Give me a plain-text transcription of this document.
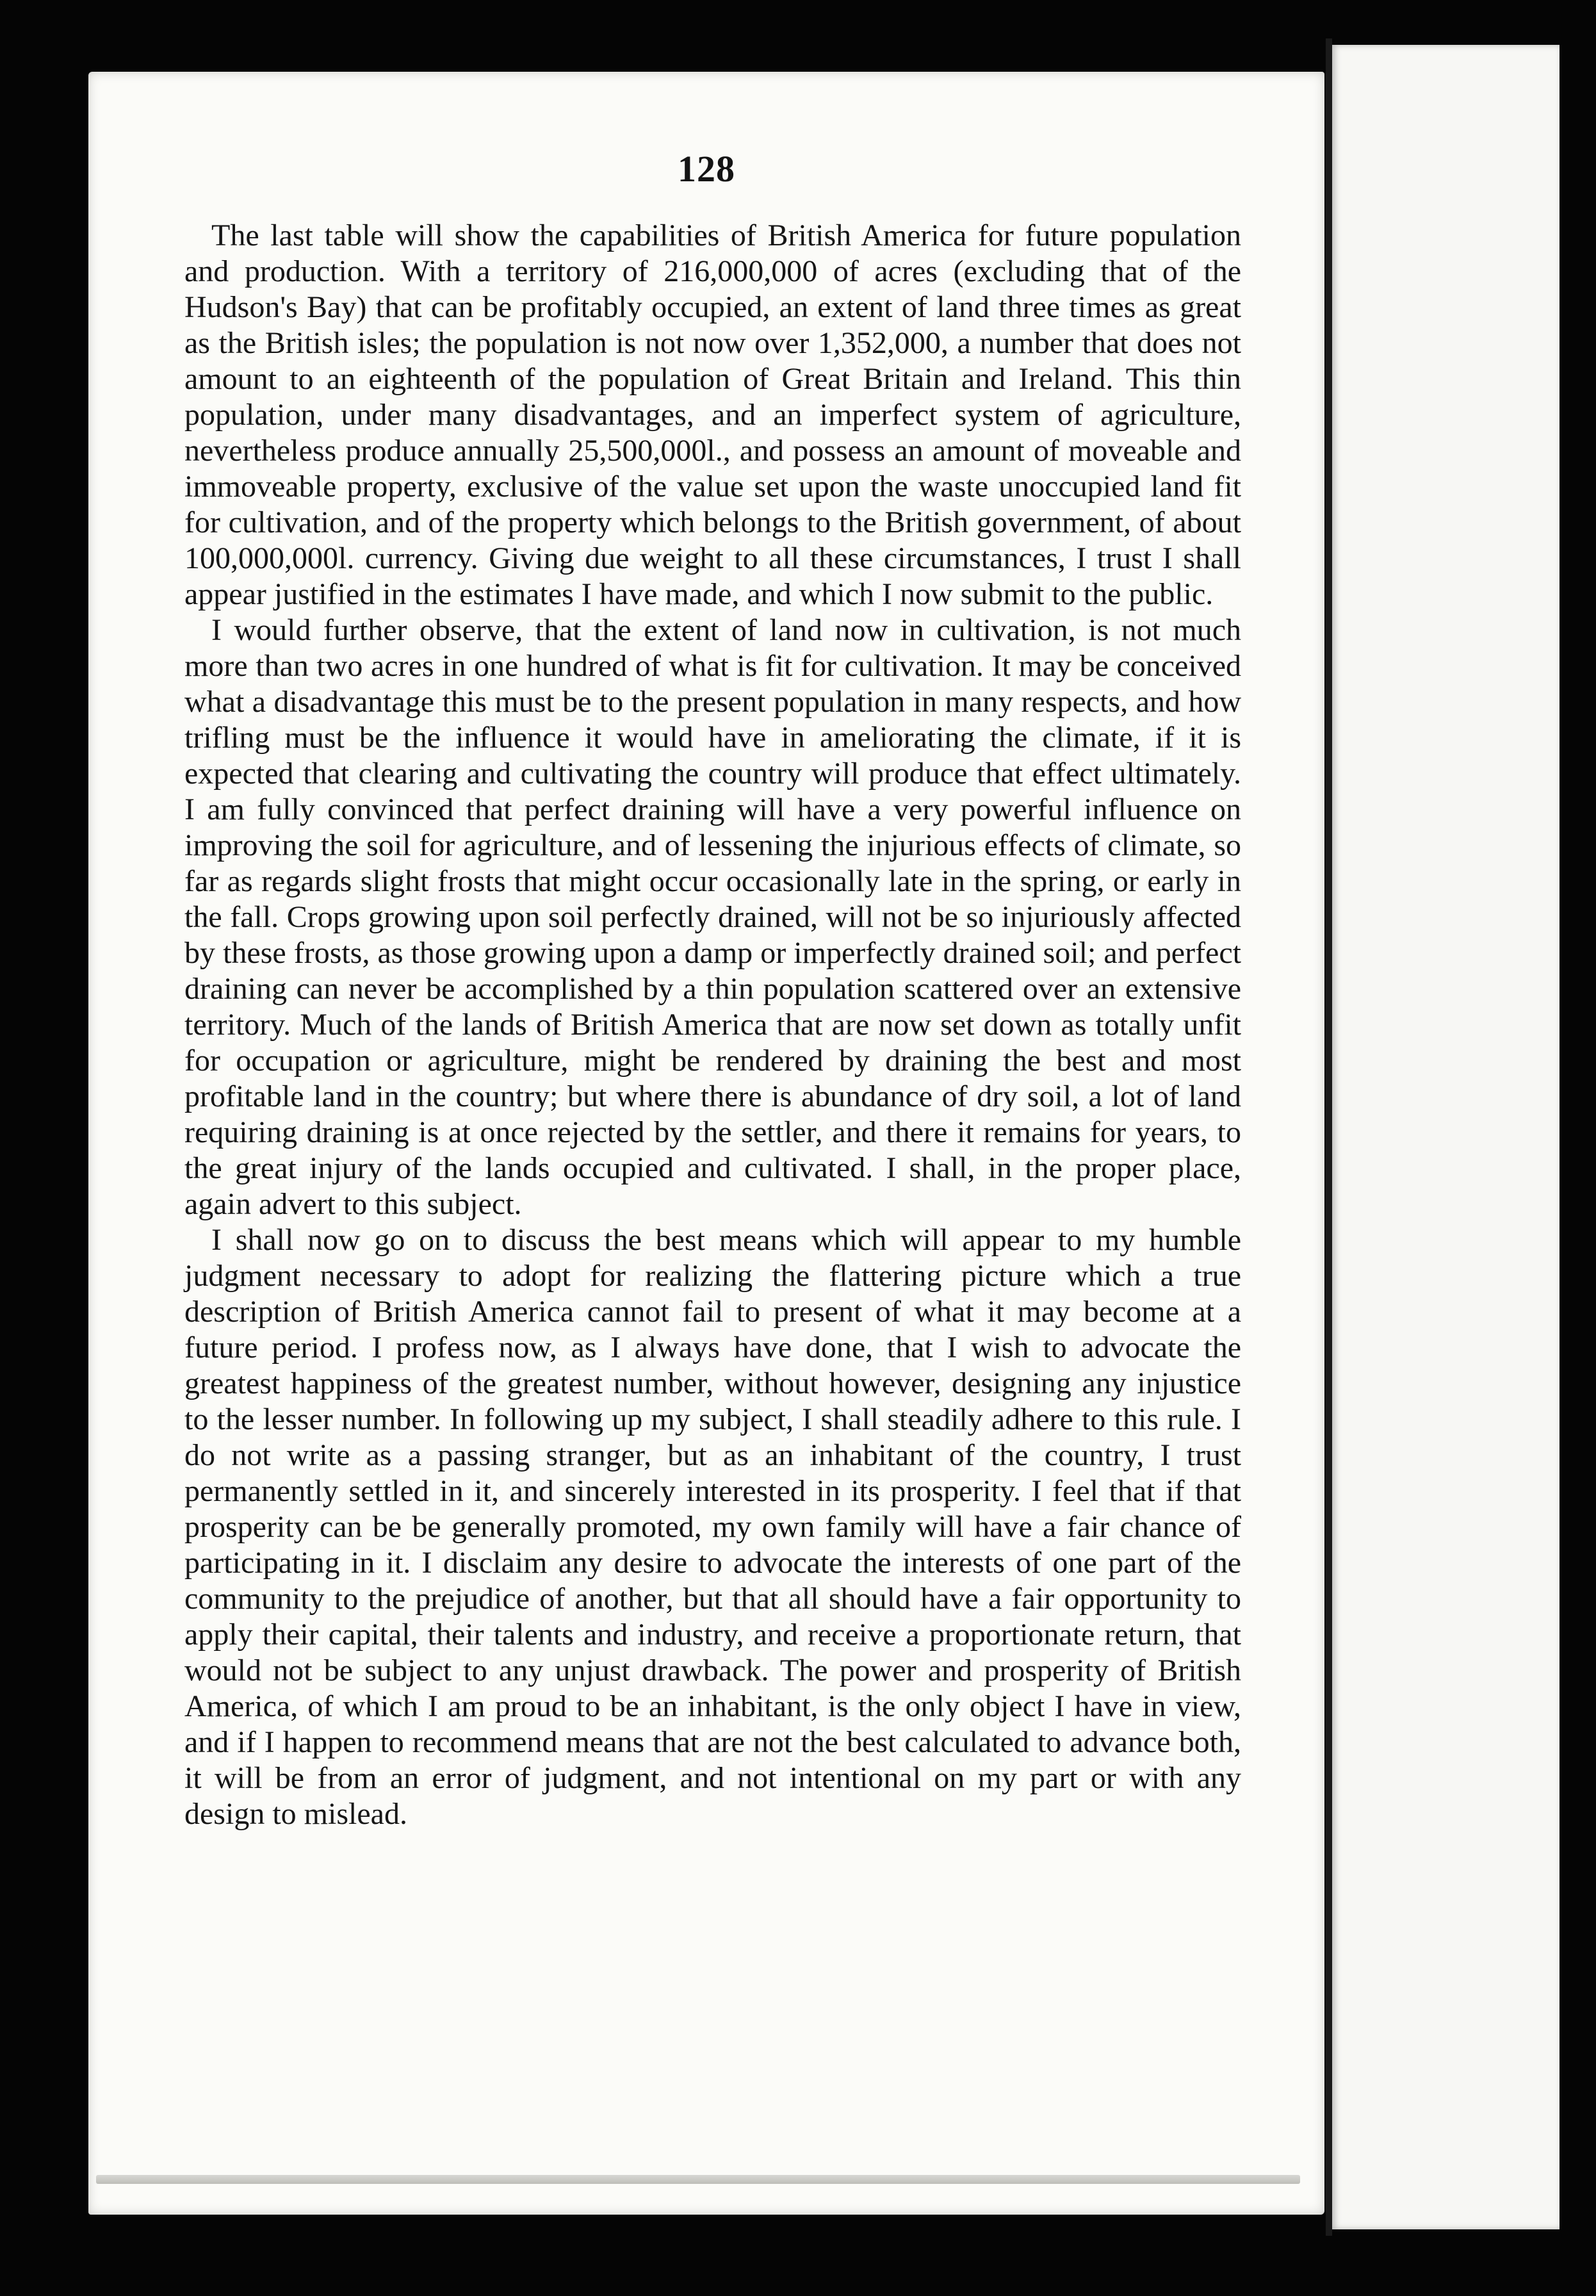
128

The last table will show the capabilities of British America for future population and production. With a territory of 216,000,000 of acres (excluding that of the Hudson's Bay) that can be profitably occupied, an extent of land three times as great as the British isles; the population is not now over 1,352,000, a number that does not amount to an eighteenth of the population of Great Britain and Ireland. This thin population, under many disadvantages, and an imperfect system of agriculture, nevertheless produce annually 25,500,000l., and possess an amount of moveable and immoveable property, exclusive of the value set upon the waste unoccupied land fit for cultivation, and of the property which belongs to the British government, of about 100,000,000l. currency. Giving due weight to all these circumstances, I trust I shall appear justified in the estimates I have made, and which I now submit to the public.

I would further observe, that the extent of land now in cultivation, is not much more than two acres in one hundred of what is fit for cultivation. It may be conceived what a disadvantage this must be to the present population in many respects, and how trifling must be the influence it would have in ameliorating the climate, if it is expected that clearing and cultivating the country will produce that effect ultimately. I am fully convinced that perfect draining will have a very powerful influence on improving the soil for agriculture, and of lessening the injurious effects of climate, so far as regards slight frosts that might occur occasionally late in the spring, or early in the fall. Crops growing upon soil perfectly drained, will not be so injuriously affected by these frosts, as those growing upon a damp or imperfectly drained soil; and perfect draining can never be accomplished by a thin population scattered over an extensive territory. Much of the lands of British America that are now set down as totally unfit for occupation or agriculture, might be rendered by draining the best and most profitable land in the country; but where there is abundance of dry soil, a lot of land requiring draining is at once rejected by the settler, and there it remains for years, to the great injury of the lands occupied and cultivated. I shall, in the proper place, again advert to this subject.

I shall now go on to discuss the best means which will appear to my humble judgment necessary to adopt for realizing the flattering picture which a true description of British America cannot fail to present of what it may become at a future period. I profess now, as I always have done, that I wish to advocate the greatest happiness of the greatest number, without however, designing any injustice to the lesser number. In following up my subject, I shall steadily adhere to this rule. I do not write as a passing stranger, but as an inhabitant of the country, I trust permanently settled in it, and sincerely interested in its prosperity. I feel that if that prosperity can be be generally promoted, my own family will have a fair chance of participating in it. I disclaim any desire to advocate the interests of one part of the community to the prejudice of another, but that all should have a fair opportunity to apply their capital, their talents and industry, and receive a proportionate return, that would not be subject to any unjust drawback. The power and prosperity of British America, of which I am proud to be an inhabitant, is the only object I have in view, and if I happen to recommend means that are not the best calculated to advance both, it will be from an error of judgment, and not intentional on my part or with any design to mislead.
